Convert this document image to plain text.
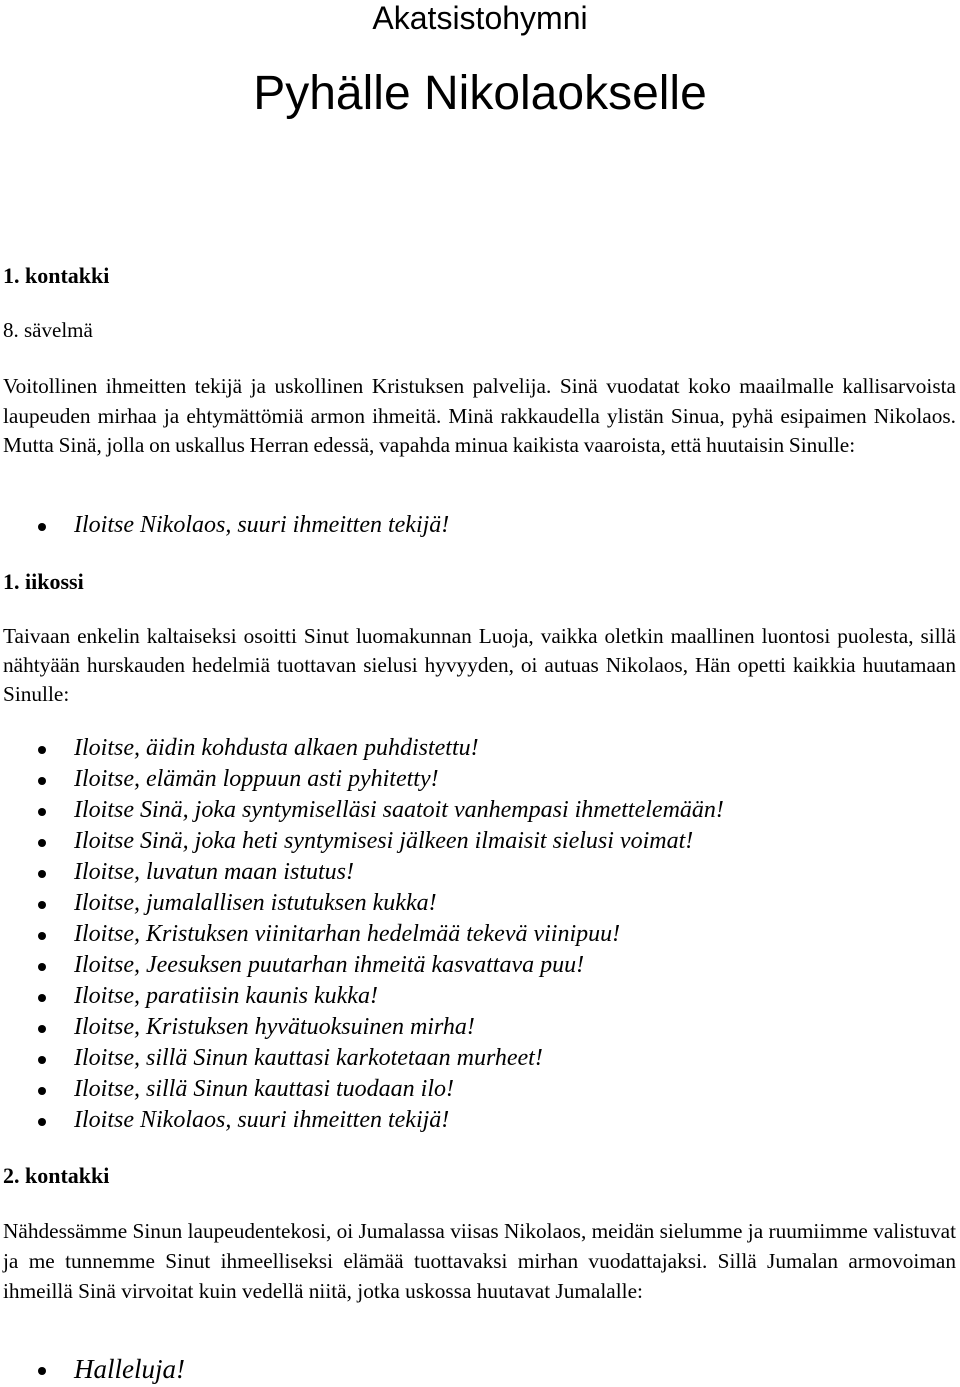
Akatsistohymni
Pyhälle Nikolaokselle
1. kontakki
8. sävelmä

Voitollinen ihmeitten tekijä ja uskollinen Kristuksen palvelija. Sinä vuodatat koko maailmalle kallisarvoista laupeuden mirhaa ja ehtymättömiä armon ihmeitä. Minä rakkaudella ylistän Sinua, pyhä esipaimen Nikolaos. Mutta Sinä, jolla on uskallus Herran edessä, vapahda minua kaikista vaaroista, että huutaisin Sinulle:

Iloitse Nikolaos, suuri ihmeitten tekijä!
1. iikossi

Taivaan enkelin kaltaiseksi osoitti Sinut luomakunnan Luoja, vaikka oletkin maallinen luontosi puolesta, sillä nähtyään hurskauden hedelmiä tuottavan sielusi hyvyyden, oi autuas Nikolaos, Hän opetti kaikkia huutamaan Sinulle:

Iloitse, äidin kohdusta alkaen puhdistettu!
Iloitse, elämän loppuun asti pyhitetty!
Iloitse Sinä, joka syntymiselläsi saatoit vanhempasi ihmettelemään!
Iloitse Sinä, joka heti syntymisesi jälkeen ilmaisit sielusi voimat!
Iloitse, luvatun maan istutus!
Iloitse, jumalallisen istutuksen kukka!
Iloitse, Kristuksen viinitarhan hedelmää tekevä viinipuu!
Iloitse, Jeesuksen puutarhan ihmeitä kasvattava puu!
Iloitse, paratiisin kaunis kukka!
Iloitse, Kristuksen hyvätuoksuinen mirha!
Iloitse, sillä Sinun kauttasi karkotetaan murheet!
Iloitse, sillä Sinun kauttasi tuodaan ilo!
Iloitse Nikolaos, suuri ihmeitten tekijä!
2. kontakki

Nähdessämme Sinun laupeudentekosi, oi Jumalassa viisas Nikolaos, meidän sielumme ja ruumiimme valistuvat ja me tunnemme Sinut ihmeelliseksi elämää tuottavaksi mirhan vuodattajaksi. Sillä Jumalan armovoiman ihmeillä Sinä virvoitat kuin vedellä niitä, jotka uskossa huutavat Jumalalle:

Halleluja!
